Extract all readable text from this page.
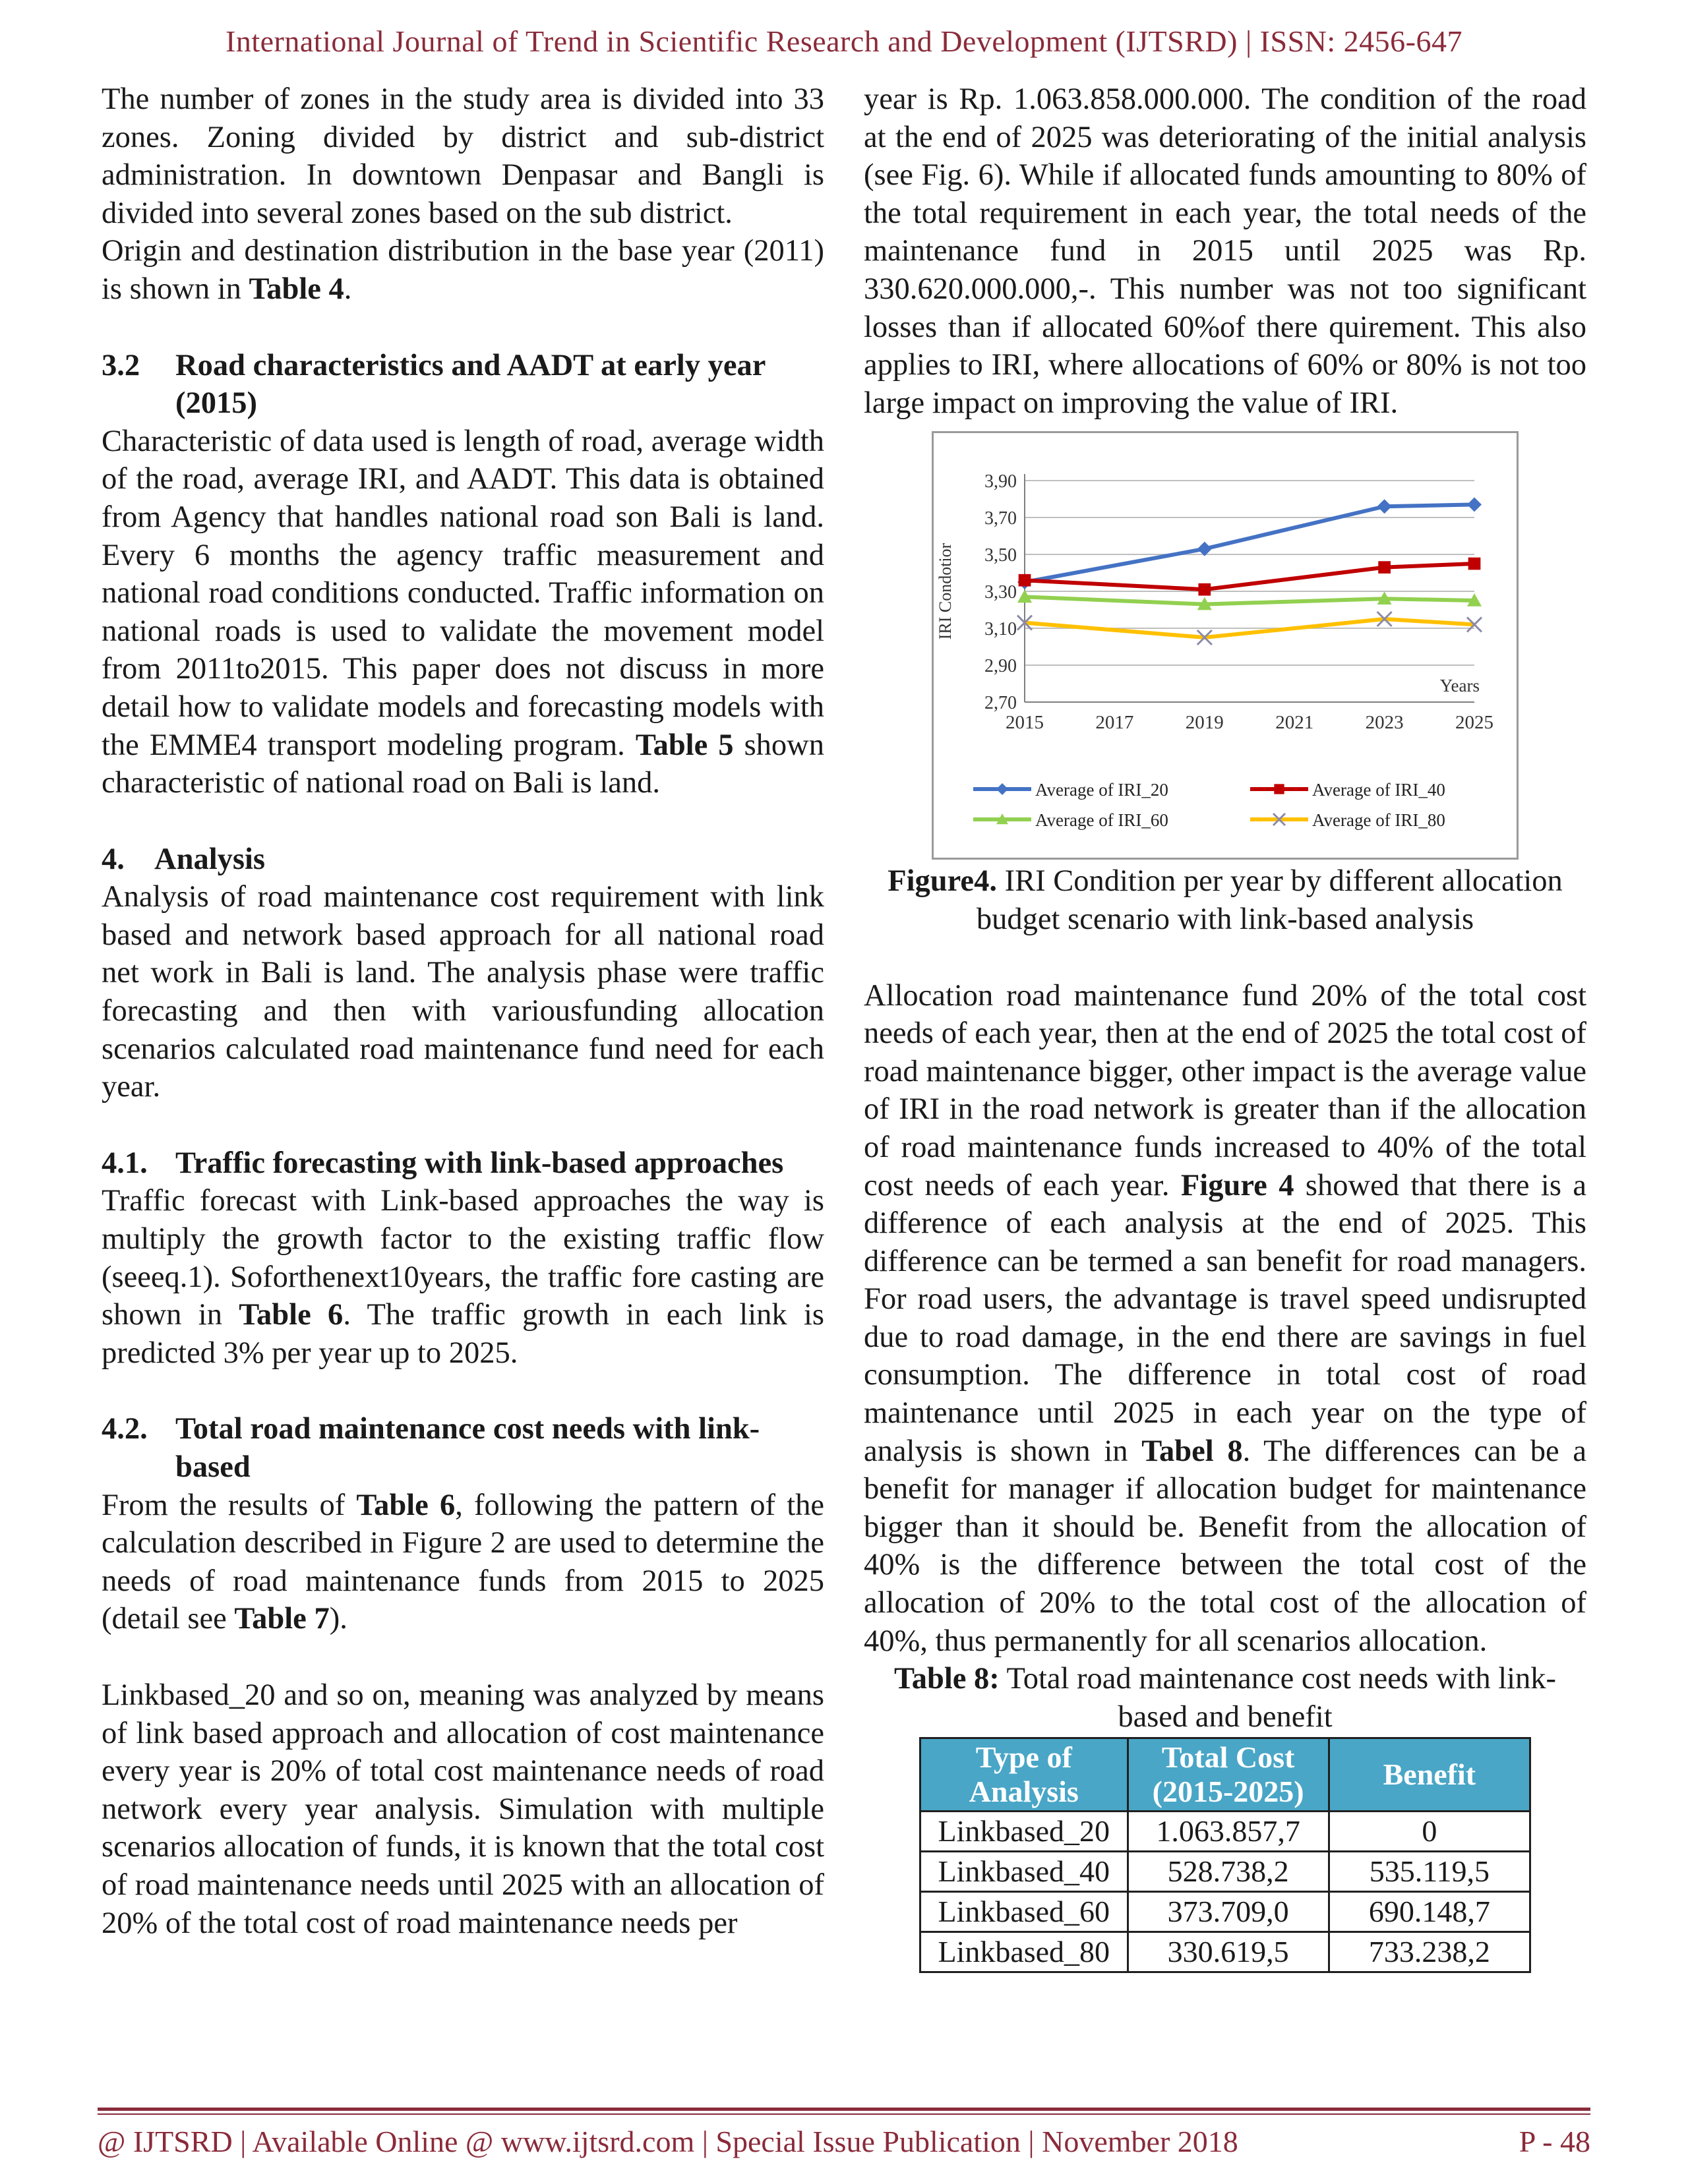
International Journal of Trend in Scientific Research and Development (IJTSRD) | ISSN: 2456-647

The number of zones in the study area is divided into 33 zones. Zoning divided by district and sub-district administration. In downtown Denpasar and Bangli is divided into several zones based on the sub district.

Origin and destination distribution in the base year (2011) is shown in Table 4.

3.2	Road characteristics and AADT at early year (2015)

Characteristic of data used is length of road, average width of the road, average IRI, and AADT. This data is obtained from Agency that handles national road son Bali is land. Every 6 months the agency traffic measurement and national road conditions conducted. Traffic information on national roads is used to validate the movement model from 2011to2015. This paper does not discuss in more detail how to validate models and forecasting models with the EMME4 transport modeling program. Table 5 shown characteristic of national road on Bali is land.

4. Analysis

Analysis of road maintenance cost requirement with link based and network based approach for all national road net work in Bali is land. The analysis phase were traffic forecasting and then with variousfunding allocation scenarios calculated road maintenance fund need for each year.

4.1. Traffic forecasting with link-based approaches

Traffic forecast with Link-based approaches the way is multiply the growth factor to the existing traffic flow (seeeq.1). Soforthenext10years, the traffic fore casting are shown in Table 6. The traffic growth in each link is predicted 3% per year up to 2025.

4.2. Total road maintenance cost needs with link-based

From the results of Table 6, following the pattern of the calculation described in Figure 2 are used to determine the needs of road maintenance funds from 2015 to 2025 (detail see Table 7).

Linkbased_20 and so on, meaning was analyzed by means of link based approach and allocation of cost maintenance every year is 20% of total cost maintenance needs of road network every year analysis. Simulation with multiple scenarios allocation of funds, it is known that the total cost of road maintenance needs until 2025 with an allocation of 20% of the total cost of road maintenance needs per

year is Rp. 1.063.858.000.000. The condition of the road at the end of 2025 was deteriorating of the initial analysis (see Fig. 6). While if allocated funds amounting to 80% of the total requirement in each year, the total needs of the maintenance fund in 2015 until 2025 was Rp. 330.620.000.000,-. This number was not too significant losses than if allocated 60%of there quirement. This also applies to IRI, where allocations of 60% or 80% is not too large impact on improving the value of IRI.

2,70
2,90
3,10
3,30
3,50
3,70
3,90
2015	2017	2019	2021	2023	2025
Years
IRI Condotior
Average of IRI_20	Average of IRI_40
Average of IRI_60	Average of IRI_80
Figure4. IRI Condition per year by different allocation budget scenario with link-based analysis

Allocation road maintenance fund 20% of the total cost needs of each year, then at the end of 2025 the total cost of road maintenance bigger, other impact is the average value of IRI in the road network is greater than if the allocation of road maintenance funds increased to 40% of the total cost needs of each year. Figure 4 showed that there is a difference of each analysis at the end of 2025. This difference can be termed a san benefit for road managers. For road users, the advantage is travel speed undisrupted due to road damage, in the end there are savings in fuel consumption. The difference in total cost of road maintenance until 2025 in each year on the type of analysis is shown in Tabel 8. The differences can be a benefit for manager if allocation budget for maintenance bigger than it should be. Benefit from the allocation of 40% is the difference between the total cost of the allocation of 20% to the total cost of the allocation of 40%, thus permanently for all scenarios allocation.

Table 8: Total road maintenance cost needs with link- based and benefit
Type of Analysis	Total Cost (2015-2025)	Benefit
Linkbased_20	1.063.857,7	0
Linkbased_40	528.738,2	535.119,5
Linkbased_60	373.709,0	690.148,7
Linkbased_80	330.619,5	733.238,2
@ IJTSRD | Available Online @ www.ijtsrd.com | Special Issue Publication | November 2018	P - 48
